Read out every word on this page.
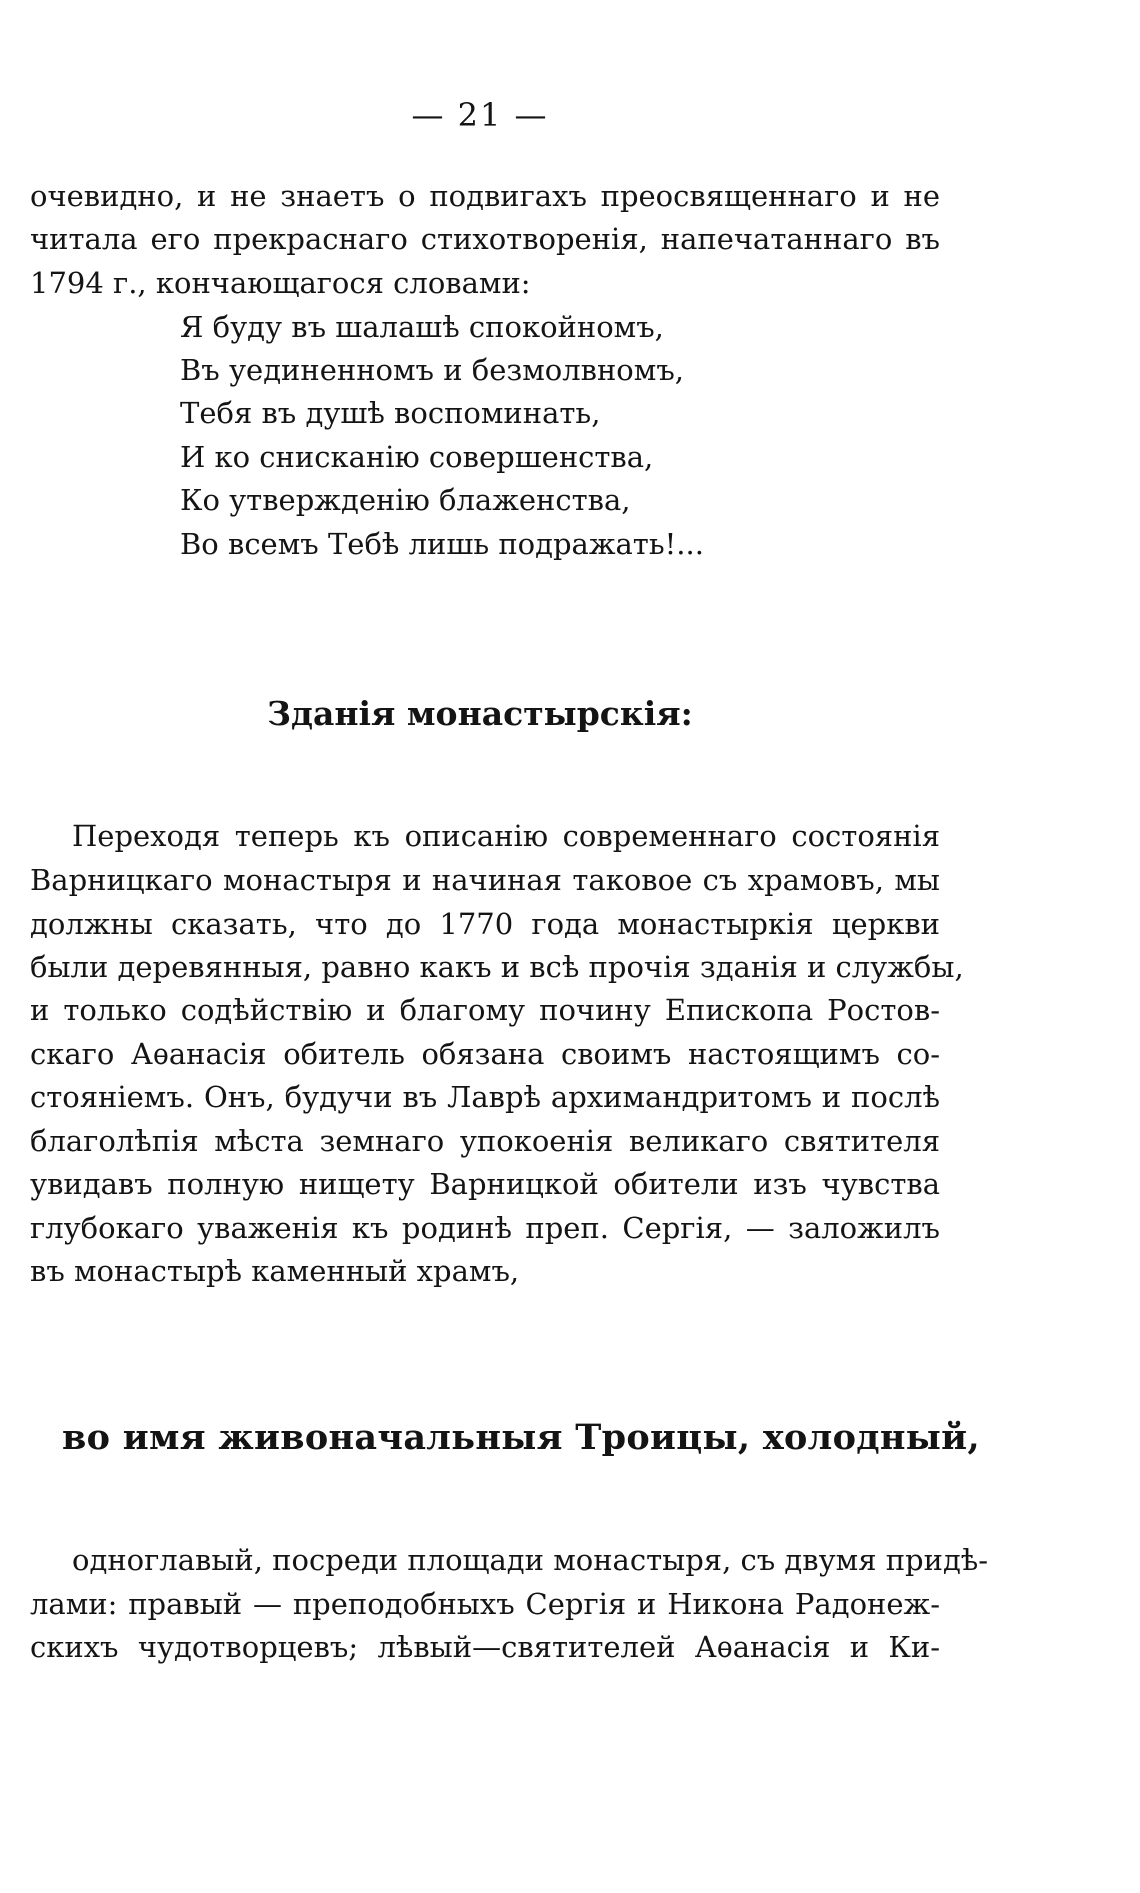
— 21 —
очевидно, и не знаетъ о подвигахъ преосвященнаго и не
читала его прекраснаго стихотворенія, напечатаннаго въ
1794 г., кончающагося словами:
Я буду въ шалашѣ спокойномъ,
Въ уединенномъ и безмолвномъ,
Тебя въ душѣ воспоминать,
И ко снисканію совершенства,
Ко утвержденію блаженства,
Во всемъ Тебѣ лишь подражать!...
Зданія монастырскія:
Переходя теперь къ описанію современнаго состоянія
Варницкаго монастыря и начиная таковое съ храмовъ, мы
должны сказать, что до 1770 года монастыркія церкви
были деревянныя, равно какъ и всѣ прочія зданія и службы,
и только содѣйствію и благому почину Епископа Ростов-
скаго Аѳанасія обитель обязана своимъ настоящимъ со-
стояніемъ. Онъ, будучи въ Лаврѣ архимандритомъ и послѣ
благолѣпія мѣста земнаго упокоенія великаго святителя
увидавъ полную нищету Варницкой обители изъ чувства
глубокаго уваженія къ родинѣ преп. Сергія, — заложилъ
въ монастырѣ каменный храмъ,
во имя живоначальныя Троицы, холодный,
одноглавый, посреди площади монастыря, съ двумя придѣ-
лами: правый — преподобныхъ Сергія и Никона Радонеж-
скихъ чудотворцевъ; лѣвый—святителей Аѳанасія и Ки-
